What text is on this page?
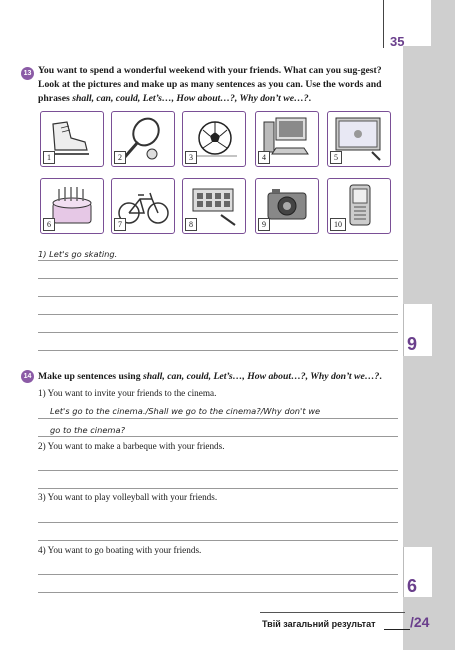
35
13 You want to spend a wonderful weekend with your friends. What can you sug-gest? Look at the pictures and make up as many sentences as you can. Use the words and phrases shall, can, could, Let’s…, How about…?, Why don’t we…?.
1	2	3	4	5
6	7	8	9	10
1) Let's go skating.
9
14 Make up sentences using shall, can, could, Let’s…, How about…?, Why don’t we…?.
1) You want to invite your friends to the cinema.
Let's go to the cinema./Shall we go to the cinema?/Why don't we
go to the cinema?
2) You want to make a barbeque with your friends.
3) You want to play volleyball with your friends.
4) You want to go boating with your friends.
6
Твій загальний результат /24
